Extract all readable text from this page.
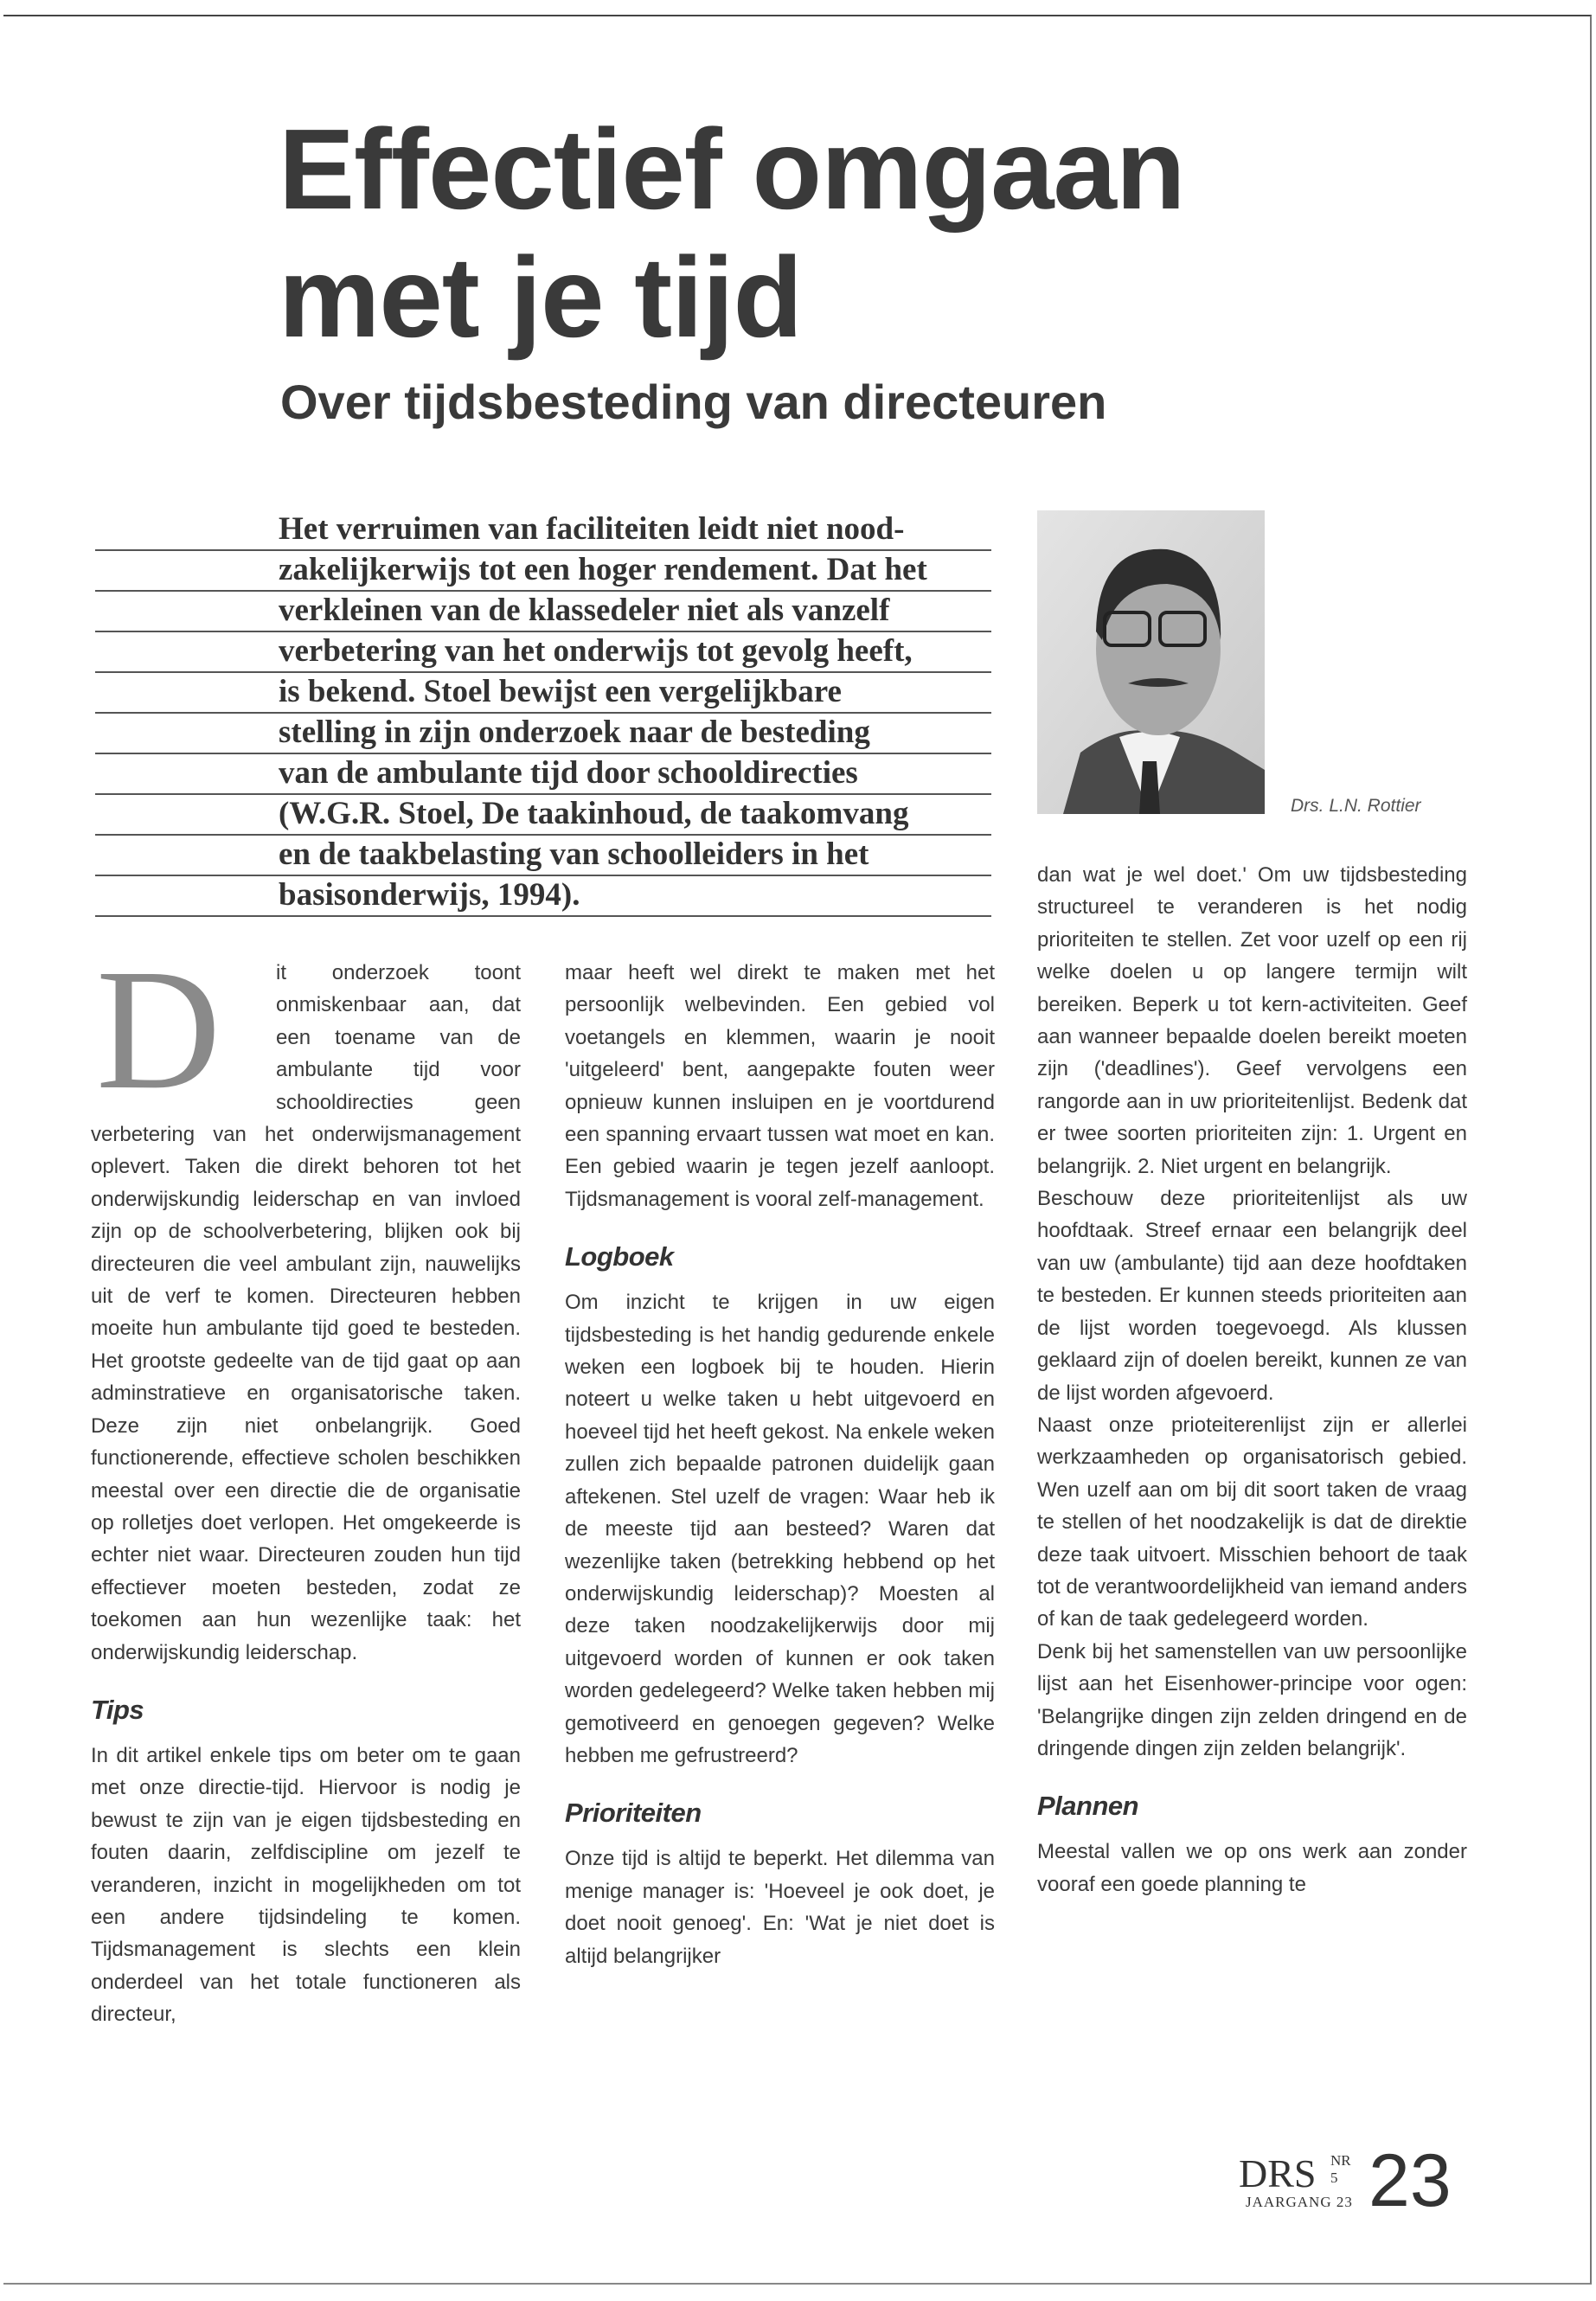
Effectief omgaan
met je tijd
Over tijdsbesteding van directeuren
Het verruimen van faciliteiten leidt niet nood-
zakelijkerwijs tot een hoger rendement. Dat het
verkleinen van de klassedeler niet als vanzelf
verbetering van het onderwijs tot gevolg heeft,
is bekend. Stoel bewijst een vergelijkbare
stelling in zijn onderzoek naar de besteding
van de ambulante tijd door schooldirecties
(W.G.R. Stoel, De taakinhoud, de taakomvang
en de taakbelasting van schoolleiders in het
basisonderwijs, 1994).
Drs. L.N. Rottier

D	it onderzoek toont onmiskenbaar aan, dat een toename van de ambulante tijd voor schooldirecties geen verbetering van het onderwijsmanagement oplevert. Taken die direkt behoren tot het onderwijskundig leiderschap en van invloed zijn op de schoolverbetering, blijken ook bij directeuren die veel ambulant zijn, nauwelijks uit de verf te komen. Directeuren hebben moeite hun ambulante tijd goed te besteden. Het grootste gedeelte van de tijd gaat op aan adminstratieve en organisatorische taken. Deze zijn niet onbelangrijk. Goed functionerende, effectieve scholen beschikken meestal over een directie die de organisatie op rolletjes doet verlopen. Het omgekeerde is echter niet waar. Directeuren zouden hun tijd effectiever moeten besteden, zodat ze toekomen aan hun wezenlijke taak: het onderwijskundig leiderschap.

Tips

In dit artikel enkele tips om beter om te gaan met onze directie-tijd. Hiervoor is nodig je bewust te zijn van je eigen tijdsbesteding en fouten daarin, zelfdiscipline om jezelf te veranderen, inzicht in mogelijkheden om tot een andere tijdsindeling te komen. Tijdsmanagement is slechts een klein onderdeel van het totale functioneren als directeur,

maar heeft wel direkt te maken met het persoonlijk welbevinden. Een gebied vol voetangels en klemmen, waarin je nooit 'uitgeleerd' bent, aangepakte fouten weer opnieuw kunnen insluipen en je voortdurend een spanning ervaart tussen wat moet en kan. Een gebied waarin je tegen jezelf aanloopt. Tijdsmanagement is vooral zelf-management.

Logboek

Om inzicht te krijgen in uw eigen tijdsbesteding is het handig gedurende enkele weken een logboek bij te houden. Hierin noteert u welke taken u hebt uitgevoerd en hoeveel tijd het heeft gekost. Na enkele weken zullen zich bepaalde patronen duidelijk gaan aftekenen. Stel uzelf de vragen: Waar heb ik de meeste tijd aan besteed? Waren dat wezenlijke taken (betrekking hebbend op het onderwijskundig leiderschap)? Moesten al deze taken noodzakelijkerwijs door mij uitgevoerd worden of kunnen er ook taken worden gedelegeerd? Welke taken hebben mij gemotiveerd en genoegen gegeven? Welke hebben me gefrustreerd?

Prioriteiten

Onze tijd is altijd te beperkt. Het dilemma van menige manager is: 'Hoeveel je ook doet, je doet nooit genoeg'. En: 'Wat je niet doet is altijd belangrijker

dan wat je wel doet.' Om uw tijdsbesteding structureel te veranderen is het nodig prioriteiten te stellen. Zet voor uzelf op een rij welke doelen u op langere termijn wilt bereiken. Beperk u tot kern-activiteiten. Geef aan wanneer bepaalde doelen bereikt moeten zijn ('deadlines'). Geef vervolgens een rangorde aan in uw prioriteitenlijst. Bedenk dat er twee soorten prioriteiten zijn: 1. Urgent en belangrijk. 2. Niet urgent en belangrijk.

Beschouw deze prioriteitenlijst als uw hoofdtaak. Streef ernaar een belangrijk deel van uw (ambulante) tijd aan deze hoofdtaken te besteden. Er kunnen steeds prioriteiten aan de lijst worden toegevoegd. Als klussen geklaard zijn of doelen bereikt, kunnen ze van de lijst worden afgevoerd.

Naast onze prioteiterenlijst zijn er allerlei werkzaamheden op organisatorisch gebied. Wen uzelf aan om bij dit soort taken de vraag te stellen of het noodzakelijk is dat de direktie deze taak uitvoert. Misschien behoort de taak tot de verantwoordelijkheid van iemand anders of kan de taak gedelegeerd worden.

Denk bij het samenstellen van uw persoonlijke lijst aan het Eisenhower-principe voor ogen: 'Belangrijke dingen zijn zelden dringend en de dringende dingen zijn zelden belangrijk'.

Plannen

Meestal vallen we op ons werk aan zonder vooraf een goede planning te

DRS NR 5
JAARGANG 23 23
